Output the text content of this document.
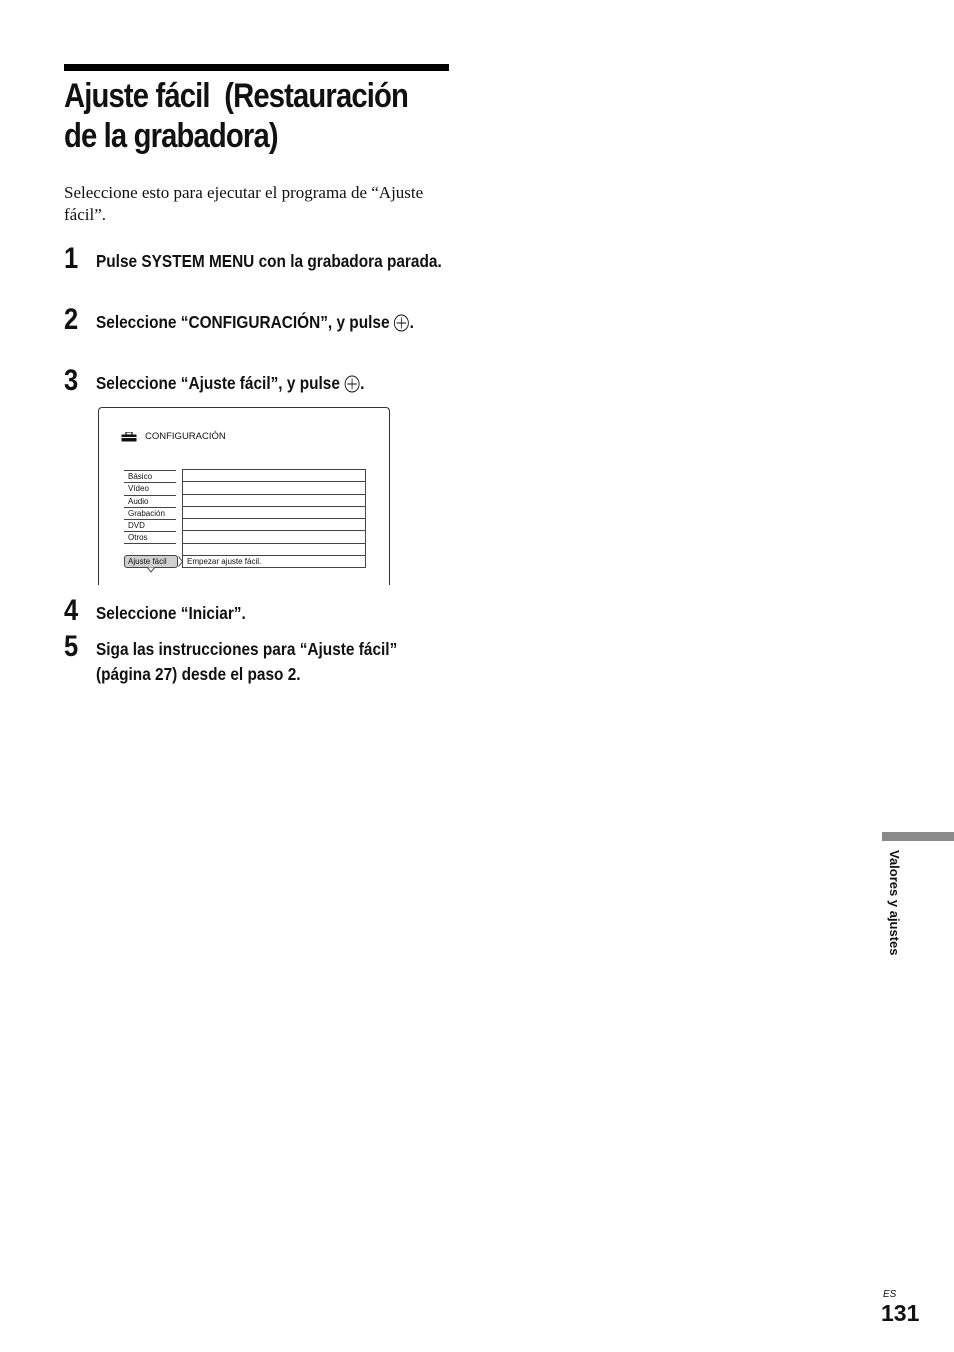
Ajuste fácil  (Restauración
de la grabadora)
Seleccione esto para ejecutar el programa de “Ajuste fácil”.
1 Pulse SYSTEM MENU con la grabadora parada.
2 Seleccione “CONFIGURACIÓN”, y pulse .
3 Seleccione “Ajuste fácil”, y pulse .
CONFIGURACIÓN
Básico
Vídeo
Audio
Grabación
DVD
Otros
Ajuste fácil	Empezar ajuste fácil.
4 Seleccione “Iniciar”.
5 Siga las instrucciones para “Ajuste fácil” (página 27) desde el paso 2.
Valores y ajustes
ES
131
